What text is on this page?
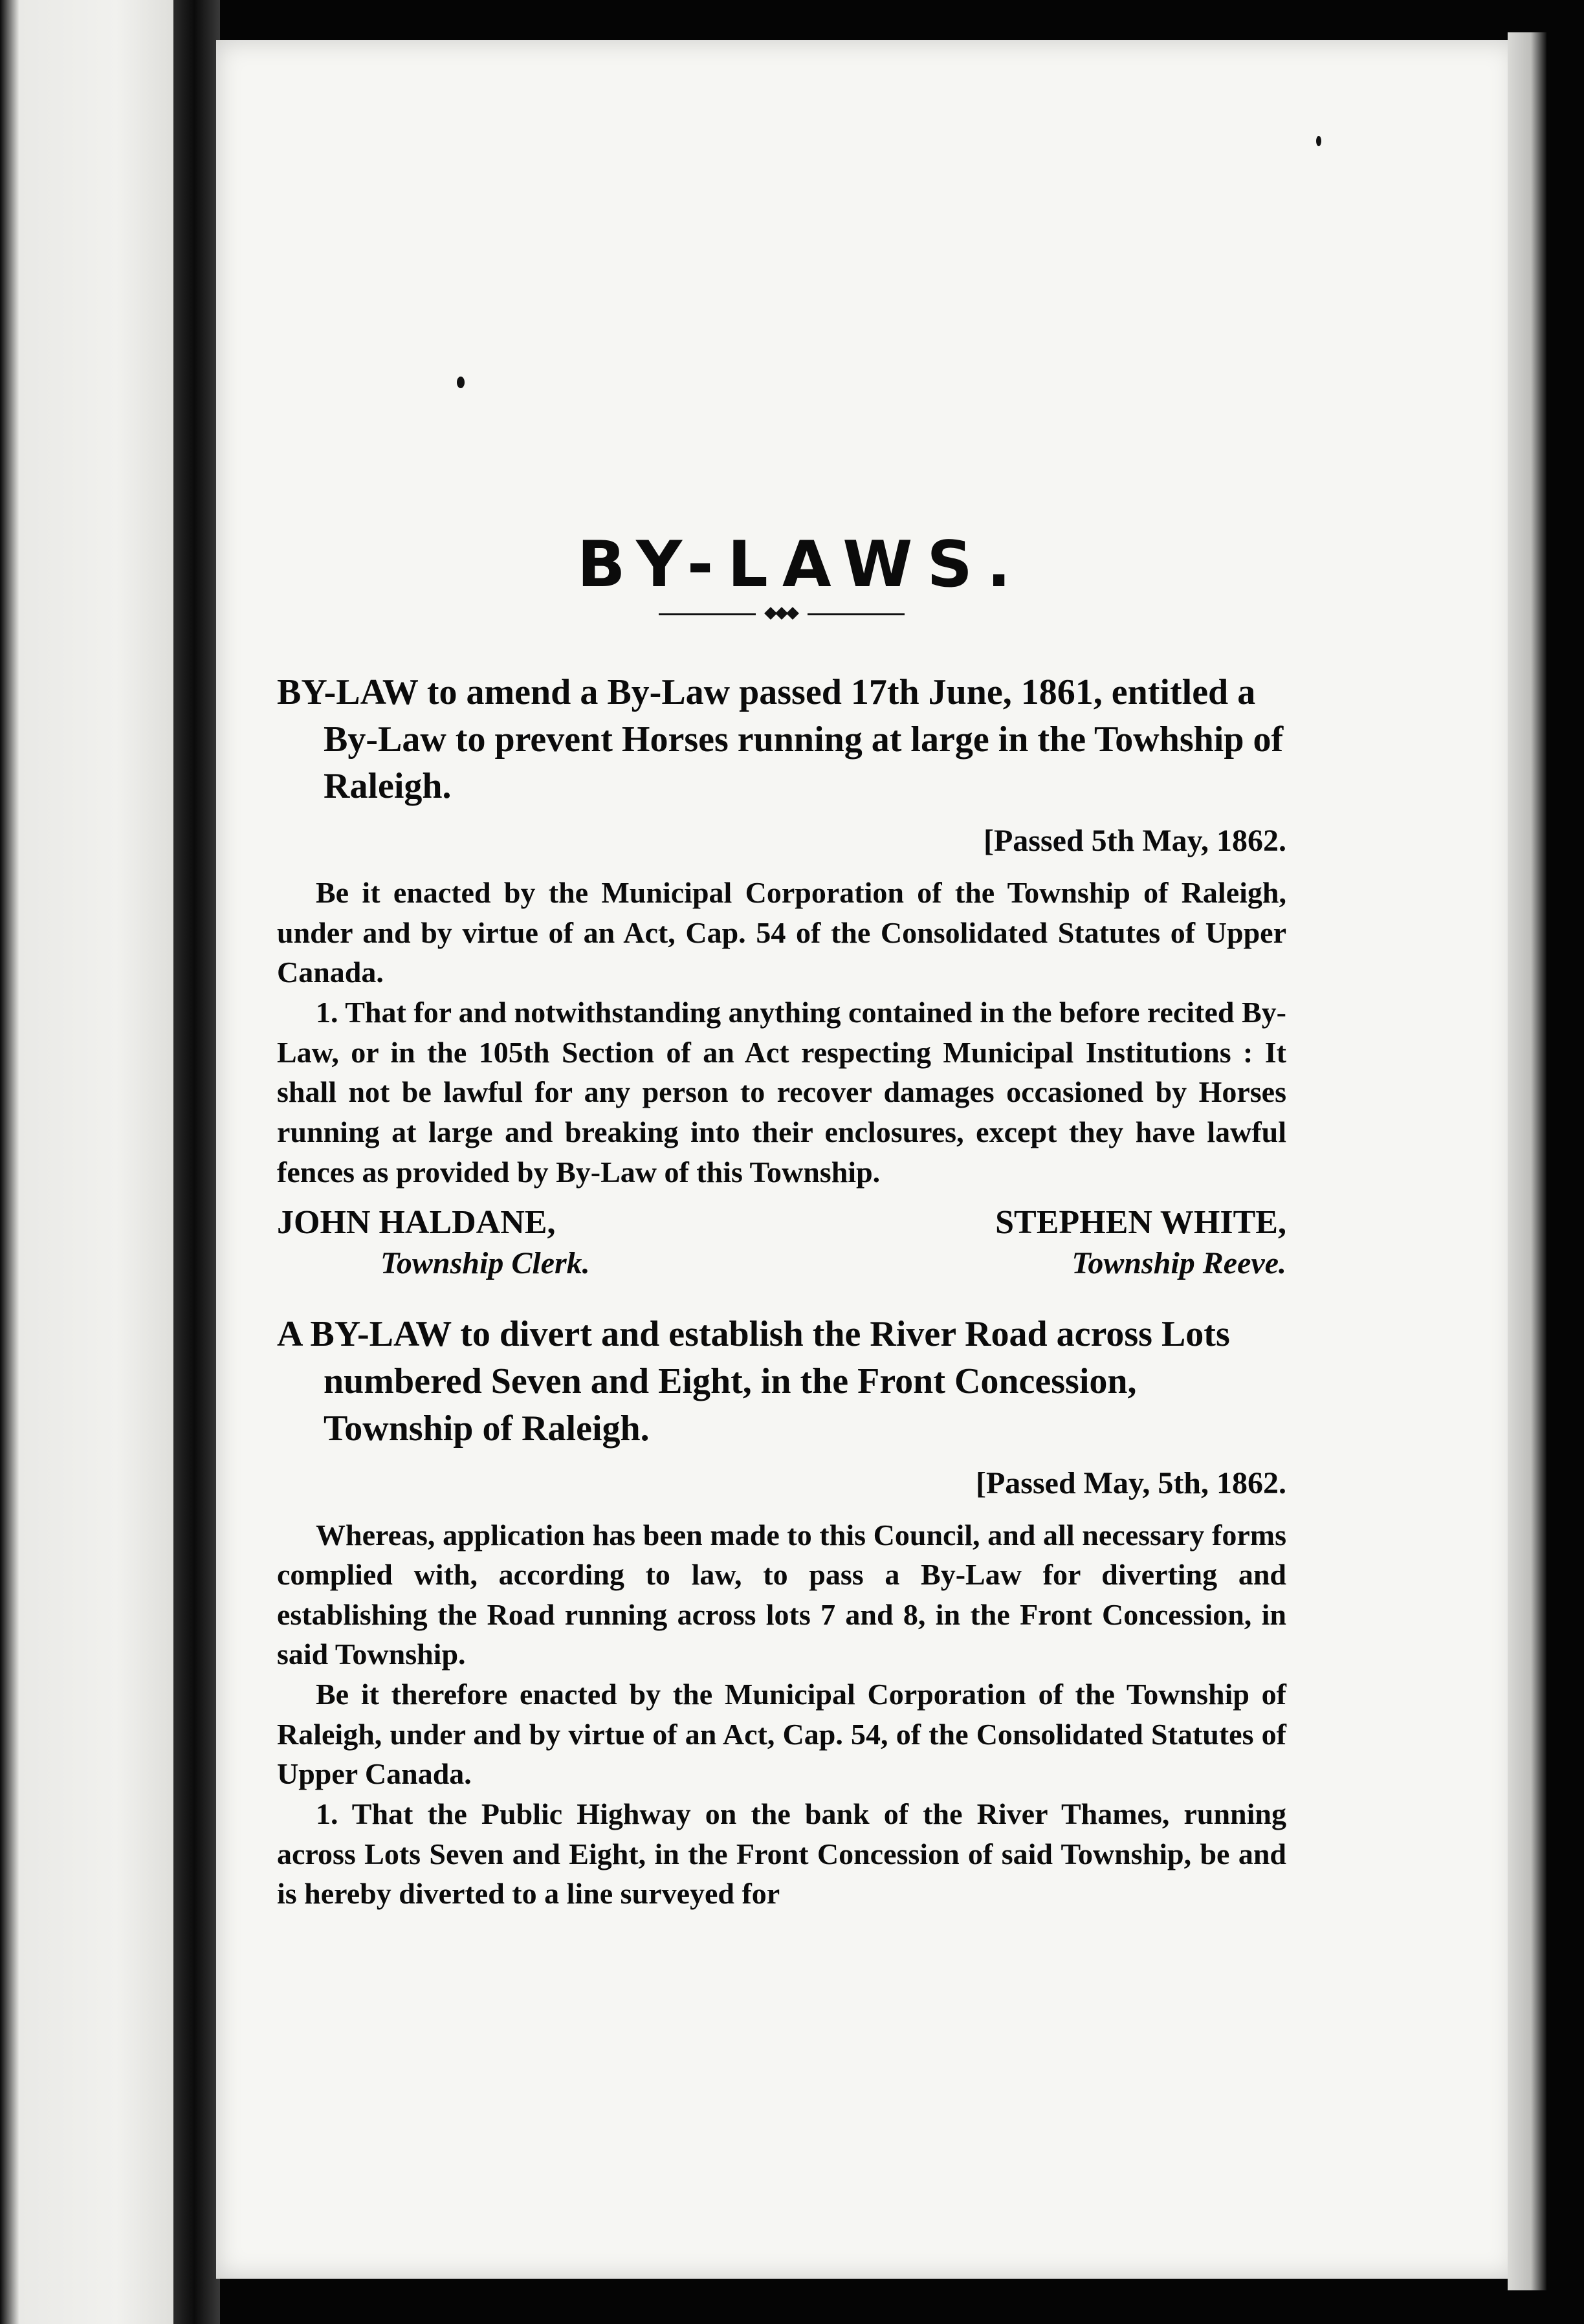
BY-LAWS.

BY-LAW to amend a By-Law passed 17th June, 1861, entitled a By-Law to prevent Horses running at large in the Towhship of Raleigh.

[Passed 5th May, 1862.

Be it enacted by the Municipal Corporation of the Township of Raleigh, under and by virtue of an Act, Cap. 54 of the Consolidated Statutes of Upper Canada.

1. That for and notwithstanding anything contained in the before recited By-Law, or in the 105th Section of an Act respecting Municipal Institutions : It shall not be lawful for any person to recover damages occasioned by Horses running at large and breaking into their enclosures, except they have lawful fences as provided by By-Law of this Township.

JOHN HALDANE,	STEPHEN WHITE,
Township Clerk.	Township Reeve.

A BY-LAW to divert and establish the River Road across Lots numbered Seven and Eight, in the Front Concession, Township of Raleigh.

[Passed May, 5th, 1862.

Whereas, application has been made to this Council, and all necessary forms complied with, according to law, to pass a By-Law for diverting and establishing the Road running across lots 7 and 8, in the Front Concession, in said Township.

Be it therefore enacted by the Municipal Corporation of the Township of Raleigh, under and by virtue of an Act, Cap. 54, of the Consolidated Statutes of Upper Canada.

1. That the Public Highway on the bank of the River Thames, running across Lots Seven and Eight, in the Front Concession of said Township, be and is hereby diverted to a line surveyed for
